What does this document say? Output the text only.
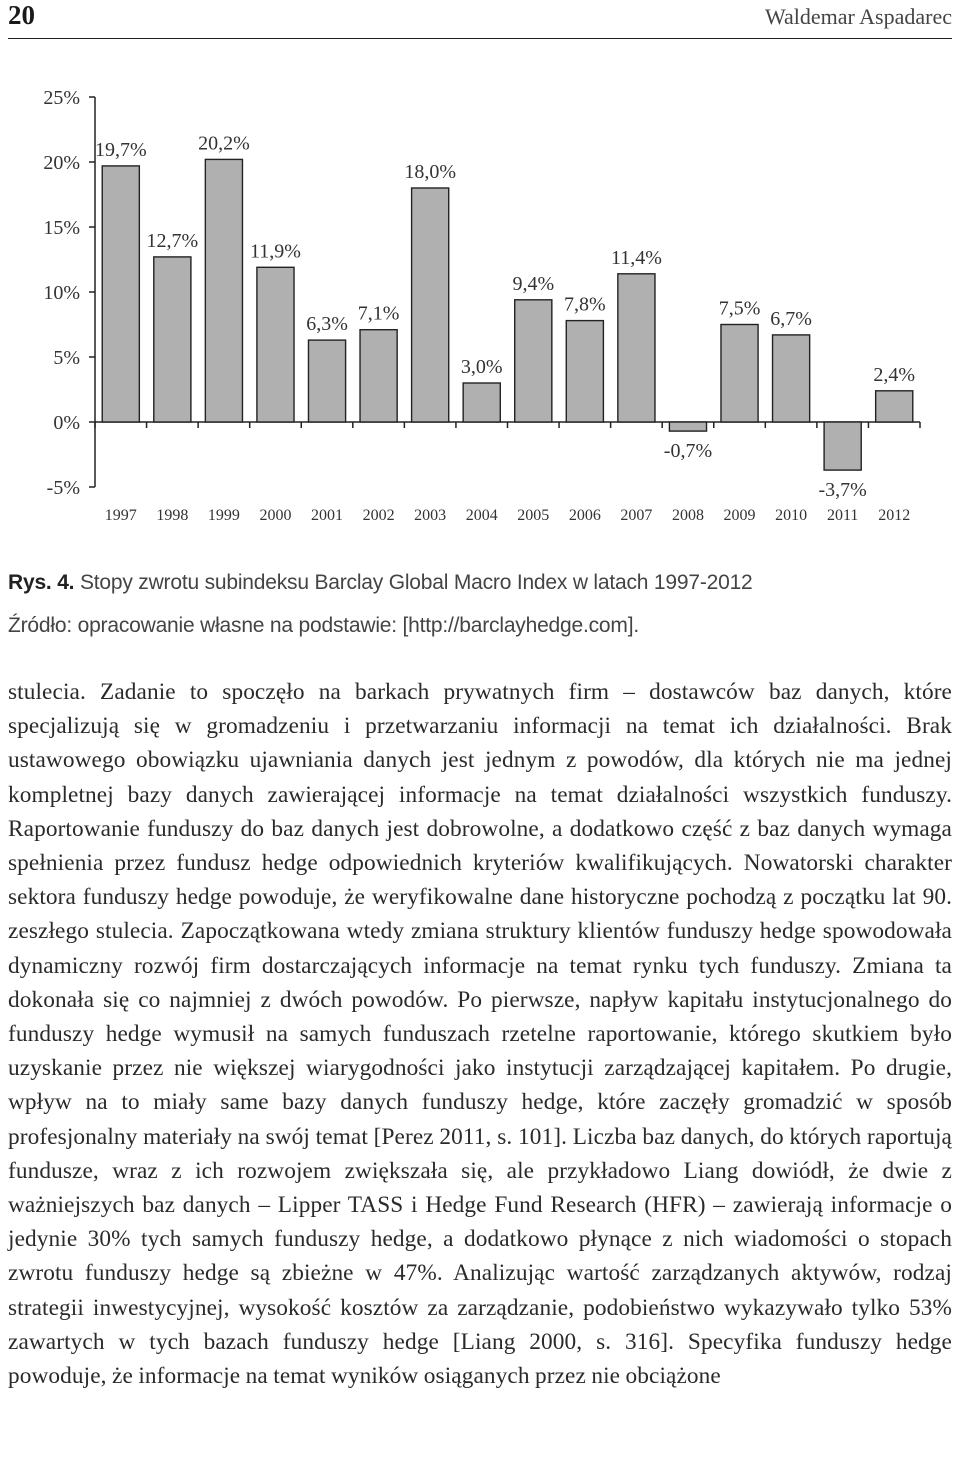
20	Waldemar Aspadarec
-5%
0%
5%
10%
15%
20%
25%
19,7%
1997
12,7%
1998
20,2%
1999
11,9%
2000
6,3%
2001
7,1%
2002
18,0%
2003
3,0%
2004
9,4%
2005
7,8%
2006
11,4%
2007
-0,7%
2008
7,5%
2009
6,7%
2010
-3,7%
2011
2,4%
2012
Rys. 4. Stopy zwrotu subindeksu Barclay Global Macro Index w latach 1997-2012
Źródło: opracowanie własne na podstawie: [http://barclayhedge.com].
stulecia. Zadanie to spoczęło na barkach prywatnych firm – dostawców baz danych, które specjalizują się w gromadzeniu i przetwarzaniu informacji na temat ich działalności. Brak ustawowego obowiązku ujawniania danych jest jednym z powodów, dla których nie ma jednej kompletnej bazy danych zawierającej informacje na temat działalności wszystkich funduszy. Raportowanie funduszy do baz danych jest dobrowolne, a dodatkowo część z baz danych wymaga spełnienia przez fundusz hedge odpowiednich kryteriów kwalifikujących. Nowatorski charakter sektora funduszy hedge powoduje, że weryfikowalne dane historyczne pochodzą z początku lat 90. zeszłego stulecia. Zapoczątkowana wtedy zmiana struktury klientów funduszy hedge spowodowała dynamiczny rozwój firm dostarczających informacje na temat rynku tych funduszy. Zmiana ta dokonała się co najmniej z dwóch powodów. Po pierwsze, napływ kapitału instytucjonalnego do funduszy hedge wymusił na samych funduszach rzetelne raportowanie, którego skutkiem było uzyskanie przez nie większej wiarygodności jako instytucji zarządzającej kapitałem. Po drugie, wpływ na to miały same bazy danych funduszy hedge, które zaczęły gromadzić w sposób profesjonalny materiały na swój temat [Perez 2011, s. 101]. Liczba baz danych, do których raportują fundusze, wraz z ich rozwojem zwiększała się, ale przykładowo Liang dowiódł, że dwie z ważniejszych baz danych – Lipper TASS i Hedge Fund Research (HFR) – zawierają informacje o jedynie 30% tych samych funduszy hedge, a dodatkowo płynące z nich wiadomości o stopach zwrotu funduszy hedge są zbieżne w 47%. Analizując wartość zarządzanych aktywów, rodzaj strategii inwestycyjnej, wysokość kosztów za zarządzanie, podobieństwo wykazywało tylko 53% zawartych w tych bazach funduszy hedge [Liang 2000, s. 316]. Specyfika funduszy hedge powoduje, że informacje na temat wyników osiąganych przez nie obciążone
